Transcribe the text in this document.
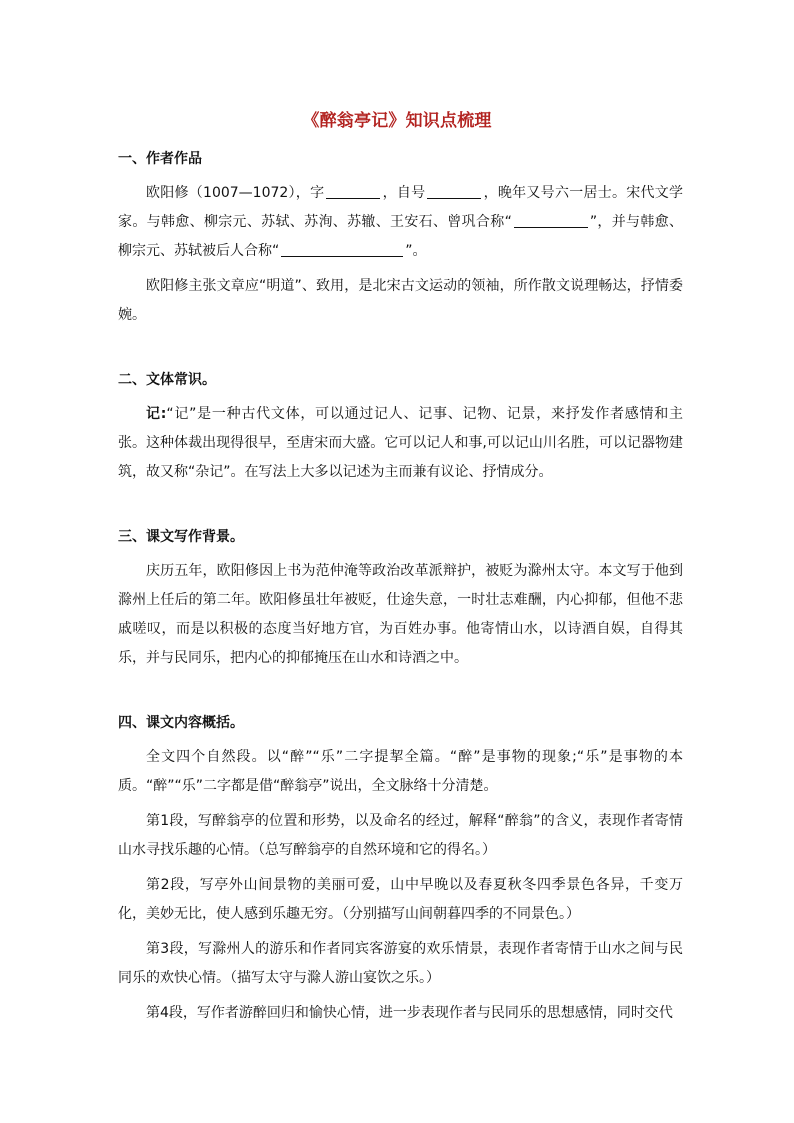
《醉翁亭记》知识点梳理

一、作者作品

欧阳修（1007—1072），字	，自号	，晚年又号六一居士。宋代文学家。与韩愈、柳宗元、苏轼、苏洵、苏辙、王安石、曾巩合称“	”，并与韩愈、柳宗元、苏轼被后人合称“	”。

欧阳修主张文章应“明道”、致用，是北宋古文运动的领袖，所作散文说理畅达，抒情委婉。

二、文体常识。

记:“记”是一种古代文体，可以通过记人、记事、记物、记景，来抒发作者感情和主张。这种体裁出现得很早，至唐宋而大盛。它可以记人和事,可以记山川名胜，可以记器物建筑，故又称“杂记”。在写法上大多以记述为主而兼有议论、抒情成分。

三、课文写作背景。

庆历五年，欧阳修因上书为范仲淹等政治改革派辩护，被贬为滁州太守。本文写于他到滁州上任后的第二年。欧阳修虽壮年被贬，仕途失意，一时壮志难酬，内心抑郁，但他不悲戚嗟叹，而是以积极的态度当好地方官，为百姓办事。他寄情山水，以诗酒自娱，自得其乐，并与民同乐，把内心的抑郁掩压在山水和诗酒之中。

四、课文内容概括。

全文四个自然段。以“醉”“乐”二字提挈全篇。“醉”是事物的现象;“乐”是事物的本质。“醉”“乐”二字都是借“醉翁亭”说出，全文脉络十分清楚。

第1段，写醉翁亭的位置和形势，以及命名的经过，解释“醉翁”的含义，表现作者寄情山水寻找乐趣的心情。（总写醉翁亭的自然环境和它的得名。）

第2段，写亭外山间景物的美丽可爱，山中早晚以及春夏秋冬四季景色各异，千变万化，美妙无比，使人感到乐趣无穷。（分别描写山间朝暮四季的不同景色。）

第3段，写滁州人的游乐和作者同宾客游宴的欢乐情景，表现作者寄情于山水之间与民同乐的欢快心情。（描写太守与滁人游山宴饮之乐。）

第4段，写作者游醉回归和愉快心情，进一步表现作者与民同乐的思想感情，同时交代
